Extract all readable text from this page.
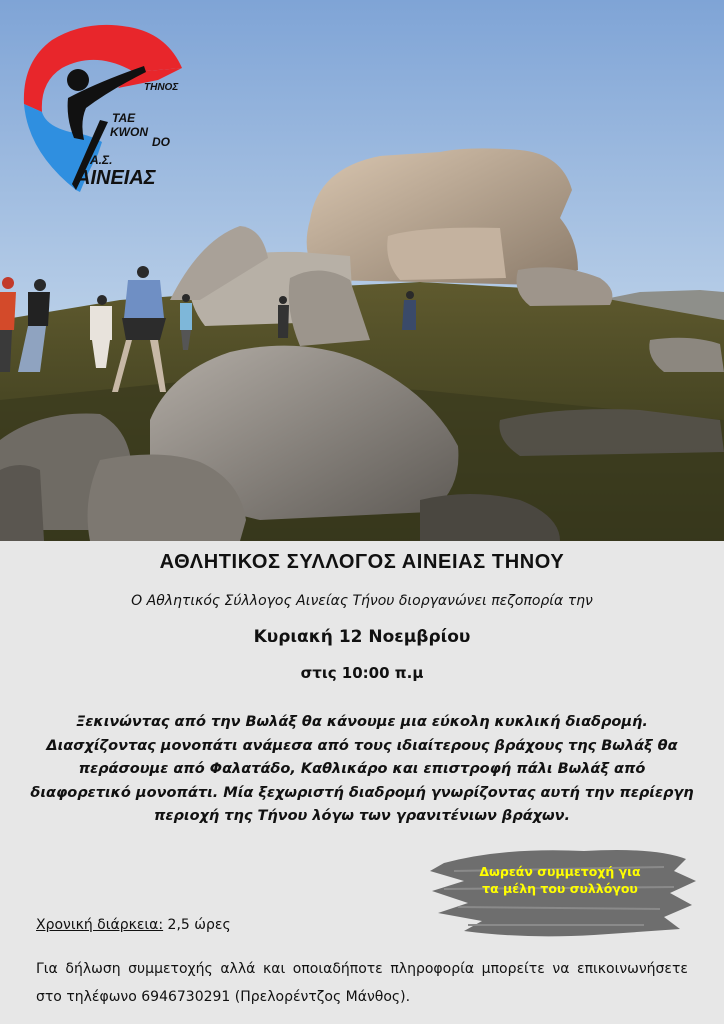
ΤΗΝΟΣ
TAE
KWON
DO
Α.Σ.
ΑΙΝΕΙΑΣ
ΑΘΛΗΤΙΚΟΣ ΣΥΛΛΟΓΟΣ ΑΙΝΕΙΑΣ ΤΗΝΟΥ
Ο Αθλητικός Σύλλογος Αινείας Τήνου διοργανώνει πεζοπορία την
Κυριακή 12 Νοεμβρίου
στις 10:00 π.μ
Ξεκινώντας από την Βωλάξ θα κάνουμε μια εύκολη κυκλική διαδρομή. Διασχίζοντας μονοπάτι ανάμεσα από τους ιδιαίτερους βράχους της Βωλάξ θα περάσουμε από Φαλατάδο, Καθλικάρο και επιστροφή πάλι Βωλάξ από διαφορετικό μονοπάτι. Μία ξεχωριστή διαδρομή γνωρίζοντας αυτή την περίεργη περιοχή της Τήνου λόγω των γρανιτένιων βράχων.
Δωρεάν συμμετοχή για τα μέλη του συλλόγου
Χρονική διάρκεια: 2,5 ώρες
Για δήλωση συμμετοχής αλλά και οποιαδήποτε πληροφορία μπορείτε να επικοινωνήσετε στο τηλέφωνο 6946730291 (Πρελορέντζος Μάνθος).
